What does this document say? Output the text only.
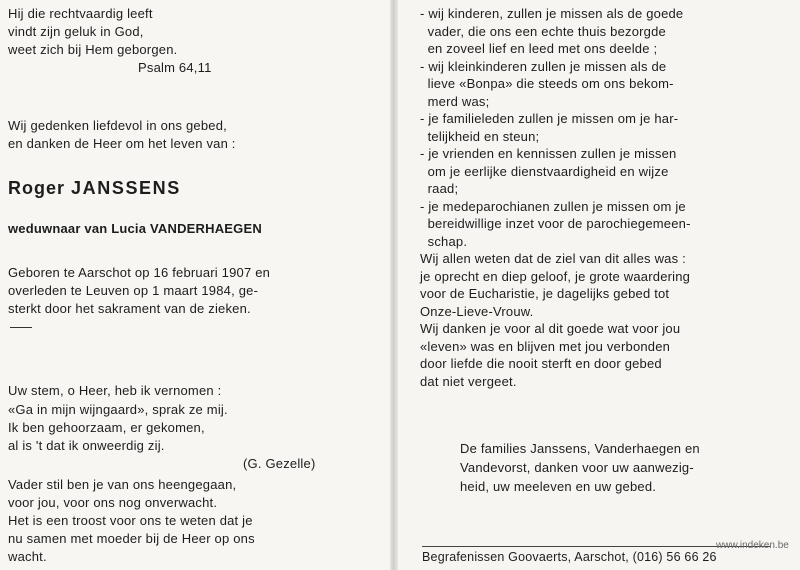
Hij die rechtvaardig leeft
vindt zijn geluk in God,
weet zich bij Hem geborgen.
Psalm 64,11
Wij gedenken liefdevol in ons gebed,
en danken de Heer om het leven van :
Roger JANSSENS
weduwnaar van Lucia VANDERHAEGEN
Geboren te Aarschot op 16 februari 1907 en
overleden te Leuven op 1 maart 1984, ge-
sterkt door het sakrament van de zieken.
Uw stem, o Heer, heb ik vernomen :
«Ga in mijn wijngaard», sprak ze mij.
Ik ben gehoorzaam, er gekomen,
al is 't dat ik onweerdig zij.
(G. Gezelle)
Vader stil ben je van ons heengegaan,
voor jou, voor ons nog onverwacht.
Het is een troost voor ons te weten dat je
nu samen met moeder bij de Heer op ons
wacht.
- wij kinderen, zullen je missen als de goede
vader, die ons een echte thuis bezorgde
en zoveel lief en leed met ons deelde ;
- wij kleinkinderen zullen je missen als de
lieve «Bonpa» die steeds om ons bekom-
merd was;
- je familieleden zullen je missen om je har-
telijkheid en steun;
- je vrienden en kennissen zullen je missen
om je eerlijke dienstvaardigheid en wijze
raad;
- je medeparochianen zullen je missen om je
bereidwillige inzet voor de parochiegemeen-
schap.
Wij allen weten dat de ziel van dit alles was :
je oprecht en diep geloof, je grote waardering
voor de Eucharistie, je dagelijks gebed tot
Onze-Lieve-Vrouw.
Wij danken je voor al dit goede wat voor jou
«leven» was en blijven met jou verbonden
door liefde die nooit sterft en door gebed
dat niet vergeet.
De families Janssens, Vanderhaegen en
Vandevorst, danken voor uw aanwezig-
heid, uw meeleven en uw gebed.
Begrafenissen Goovaerts, Aarschot, (016) 56 66 26
www.indeken.be
